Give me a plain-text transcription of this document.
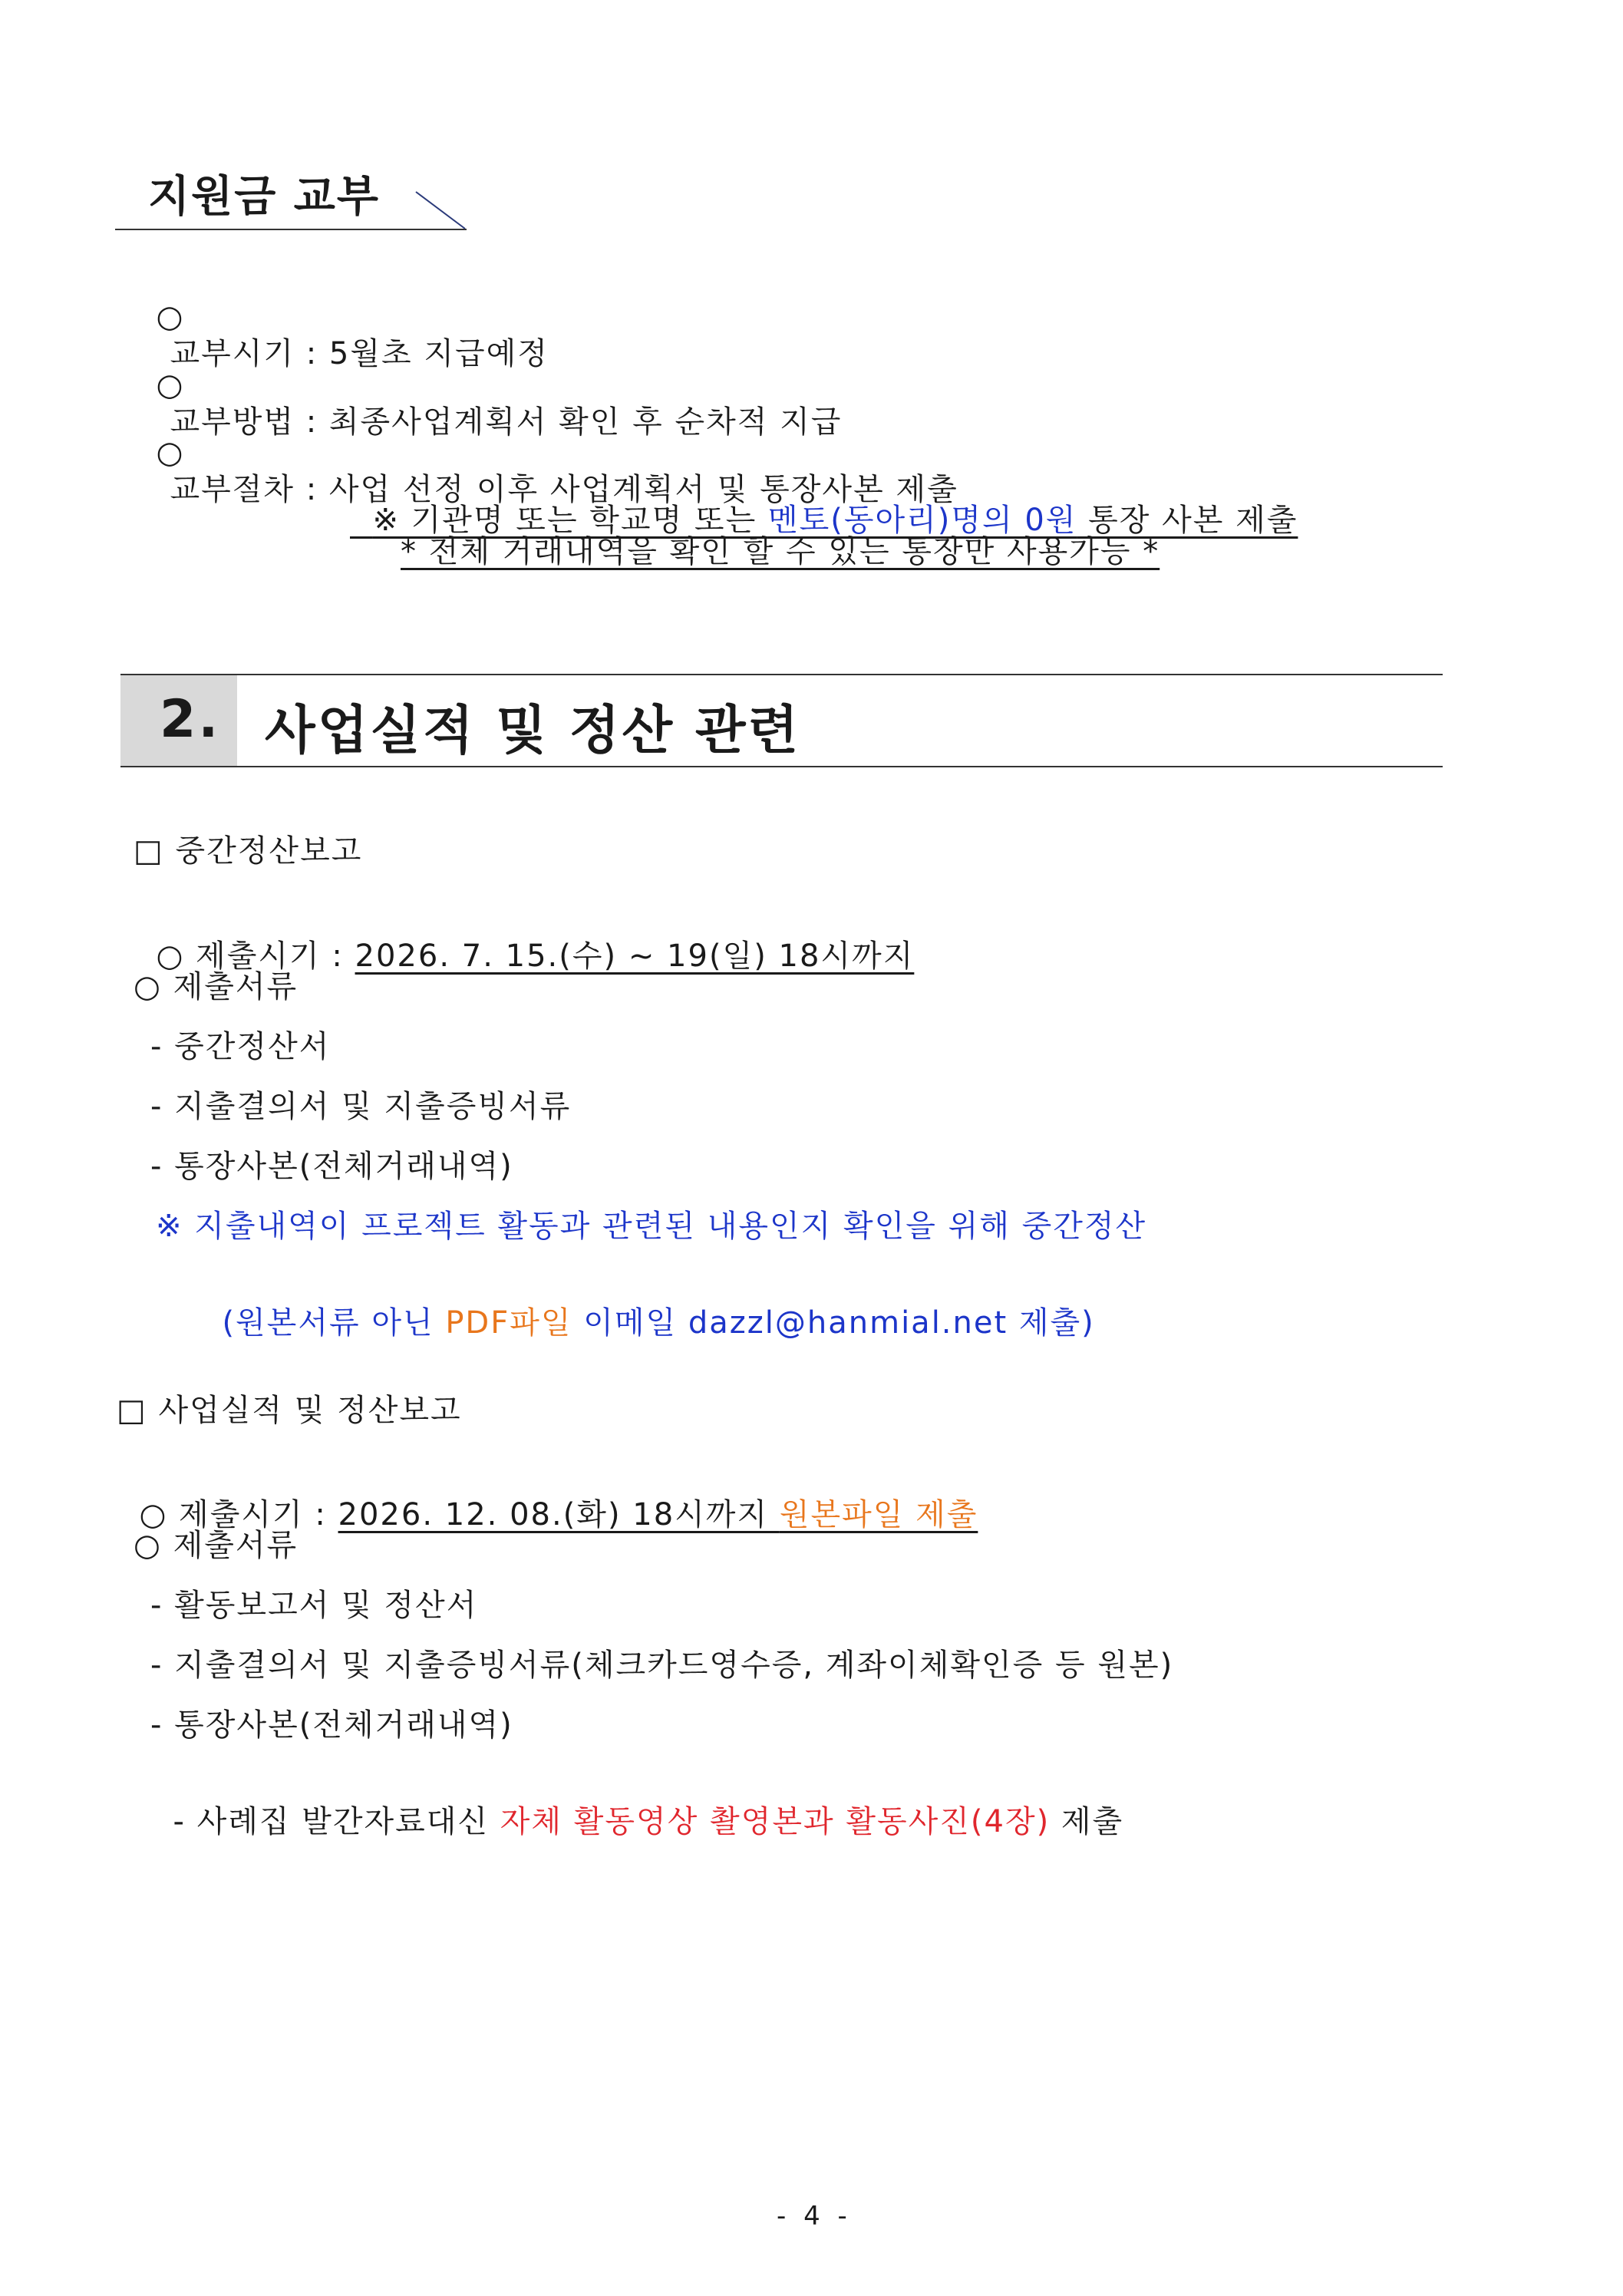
지원금 교부

○
교부시기 : 5월초 지급예정

○
교부방법 : 최종사업계획서 확인 후 순차적 지급

○
교부절차 : 사업 선정 이후 사업계획서 및 통장사본 제출

※ 기관명 또는 학교명 또는 멘토(동아리)명의 0원 통장 사본 제출

* 전체 거래내역을 확인 할 수 있는 통장만 사용가능 *
2. 사업실적 및 정산 관련
□ 중간정산보고

○ 제출시기 : 2026. 7. 15.(수) ~ 19(일) 18시까지

○ 제출서류
- 중간정산서
- 지출결의서 및 지출증빙서류
- 통장사본(전체거래내역)
※ 지출내역이 프로젝트 활동과 관련된 내용인지 확인을 위해 중간정산

(원본서류 아닌 PDF파일 이메일 dazzl@hanmial.net 제출)

□ 사업실적 및 정산보고

○ 제출시기 : 2026. 12. 08.(화) 18시까지 원본파일 제출

○ 제출서류
- 활동보고서 및 정산서
- 지출결의서 및 지출증빙서류(체크카드영수증, 계좌이체확인증 등 원본)
- 통장사본(전체거래내역)

- 사례집 발간자료대신 자체 활동영상 촬영본과 활동사진(4장) 제출

- 4 -
